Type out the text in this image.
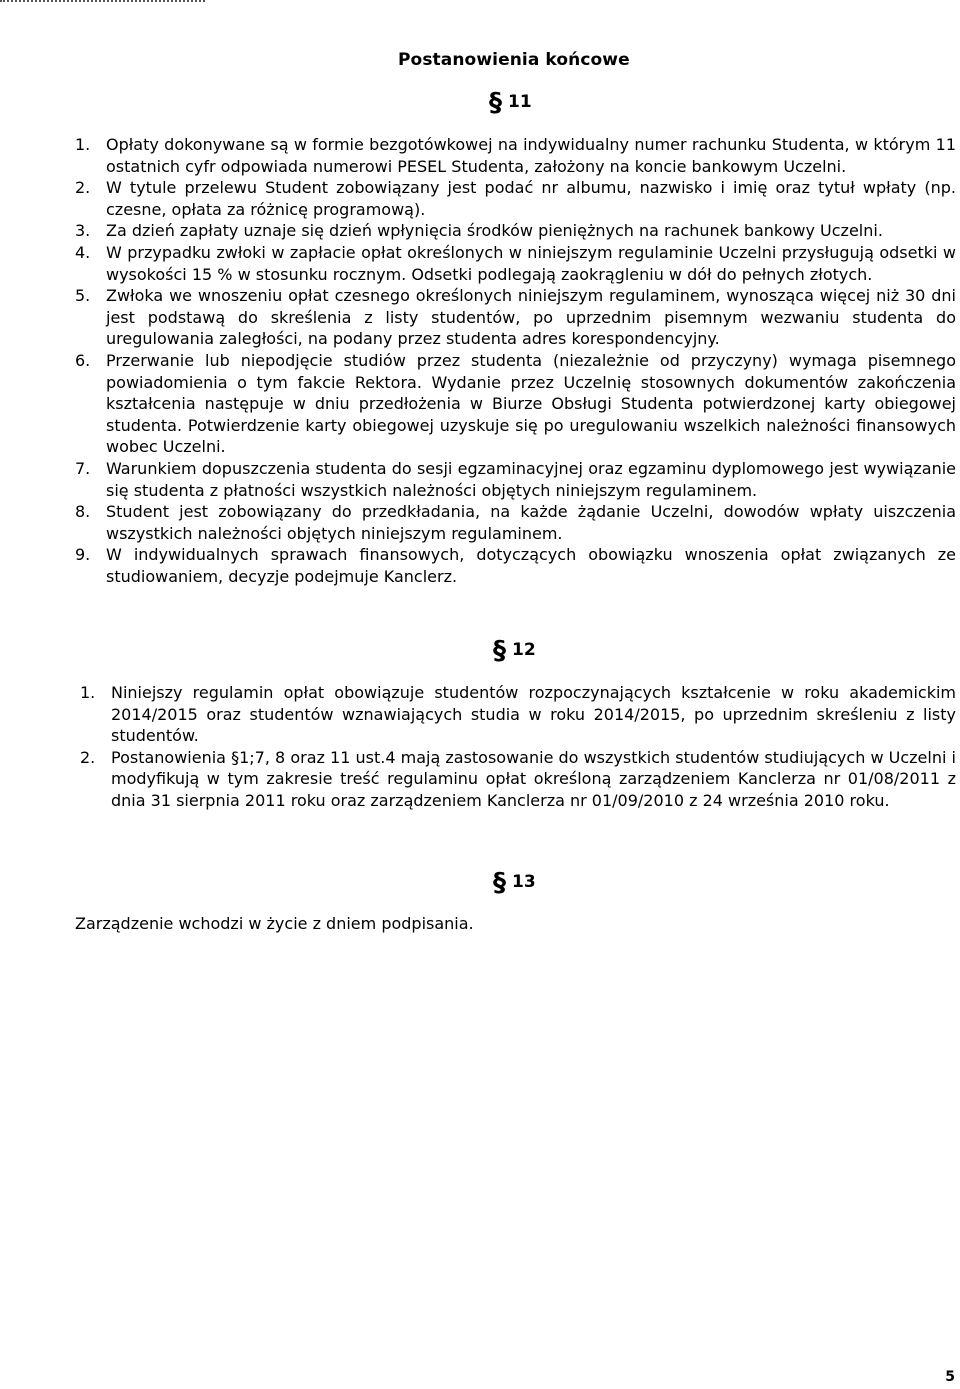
Postanowienia końcowe
§ 11
1. Opłaty dokonywane są w formie bezgotówkowej na indywidualny numer rachunku Studenta, w którym 11 ostatnich cyfr odpowiada numerowi PESEL Studenta, założony na koncie bankowym Uczelni.
2. W tytule przelewu Student zobowiązany jest podać nr albumu, nazwisko i imię oraz tytuł wpłaty (np. czesne, opłata za różnicę programową).
3. Za dzień zapłaty uznaje się dzień wpłynięcia środków pieniężnych na rachunek bankowy Uczelni.
4. W przypadku zwłoki w zapłacie opłat określonych w niniejszym regulaminie Uczelni przysługują odsetki w wysokości 15 % w stosunku rocznym. Odsetki podlegają zaokrągleniu w dół do pełnych złotych.
5. Zwłoka we wnoszeniu opłat czesnego określonych niniejszym regulaminem, wynosząca więcej niż 30 dni jest podstawą do skreślenia z listy studentów, po uprzednim pisemnym wezwaniu studenta do uregulowania zaległości, na podany przez studenta adres korespondencyjny.
6. Przerwanie lub niepodjęcie studiów przez studenta (niezależnie od przyczyny) wymaga pisemnego powiadomienia o tym fakcie Rektora. Wydanie przez Uczelnię stosownych dokumentów zakończenia kształcenia następuje w dniu przedłożenia w Biurze Obsługi Studenta potwierdzonej karty obiegowej studenta. Potwierdzenie karty obiegowej uzyskuje się po uregulowaniu wszelkich należności finansowych wobec Uczelni.
7. Warunkiem dopuszczenia studenta do sesji egzaminacyjnej oraz egzaminu dyplomowego jest wywiązanie się studenta z płatności wszystkich należności objętych niniejszym regulaminem.
8. Student jest zobowiązany do przedkładania, na każde żądanie Uczelni, dowodów wpłaty uiszczenia wszystkich należności objętych niniejszym regulaminem.
9. W indywidualnych sprawach finansowych, dotyczących obowiązku wnoszenia opłat związanych ze studiowaniem, decyzje podejmuje Kanclerz.
§ 12
1. Niniejszy regulamin opłat obowiązuje studentów rozpoczynających kształcenie w roku akademickim 2014/2015 oraz studentów wznawiających studia w roku 2014/2015, po uprzednim skreśleniu z listy studentów.
2. Postanowienia §1;7, 8 oraz 11 ust.4 mają zastosowanie do wszystkich studentów studiujących w Uczelni i modyfikują w tym zakresie treść regulaminu opłat określoną zarządzeniem Kanclerza nr 01/08/2011 z dnia 31 sierpnia 2011 roku oraz zarządzeniem Kanclerza nr 01/09/2010 z 24 września 2010 roku.
§ 13
Zarządzenie wchodzi w życie z dniem podpisania.
5
